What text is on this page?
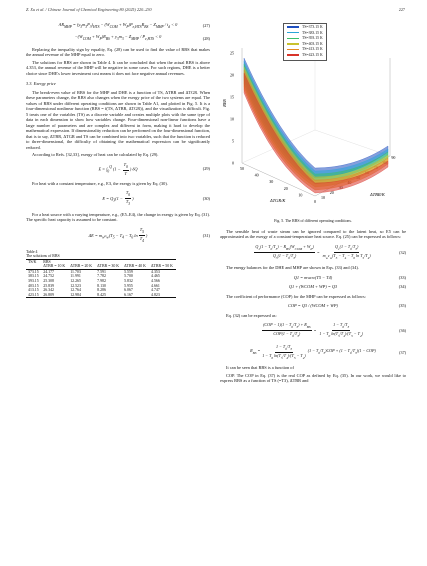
Z. Xu et al. / Chinese Journal of Chemical Engineering 80 (2025) 220–230	227
$AR_{MHP} = (y_3m_3P_3)_{HTS} - (W_{COM} + W_P)P_{e,HTS}R_{BS} - Z_{MHP} / t_d < 0$	(27)
$-(W_{COM} + W_P)R_{BS} + y_3m_3 - Z_{MHP} / P_{e,HTS} < 0$	(28)

Replacing the inequality sign by equality, Eq. (28) can be used to find the value of RBS that makes the annual revenue of the MHP equal to zero.

The solutions for RBS are shown in Table 4. It can be concluded that when the actual RBS is above 4.353, the annual revenue of the MHP will be negative in some cases. For such regions, DHE is a better choice since DHE's lower investment cost means it does not face negative annual revenues.

3.3. Exergy price

The break-even value of RBS for the MHP and DHE is a function of TS, ΔTBR and ΔTGR. When these parameters change, the RBS also changes when the exergy price of the two systems are equal. The values of RBS under different operating conditions are shown in Table A1, and plotted in Fig. 5. It is a four-dimensional nonlinear function (RBS = f(TS, ΔTBR, ΔTGR)), and the visualization is difficult. Fig. 5 treats one of the variables (TS) as a discrete variable and creates multiple plots with the same type of data in each dimension to show how variables change. Four-dimensional non-linear functions have a large number of parameters and are complex and different in form, making it hard to develop the mathematical expression. If dimensionality reduction can be performed on the four-dimensional function, that is to say, ΔTBR, ΔTGR and TS can be combined into two variables, such that the function is reduced to three-dimensional, the difficulty of obtaining the mathematical expression can be significantly reduced.

According to Refs. [32,33], exergy of heat can be calculated by Eq. (29).

$E = \int_0^Q$ ($1 - \frac{T_0}{T}$ ) δQ	(29)

For heat with a constant temperature, e.g., E3, the exergy is given by Eq. (30).

$E = Q_3(1 - \frac{T_0}{T_3}$ )	(30)

For a heat source with a varying temperature, e.g., (E5–E4), the change in exergy is given by Eq. (31). The specific heat capacity is assumed to be constant.

$\Delta E = m_wc_w(T_5 - T_4 - T_0$ $\ln \frac{T_5}{T_4}$ )	(31)
Table 4
The solutions of RBS
TS/K	RBS				
	ΔTBR = 10 K	ΔTBR = 20 K	ΔTBR = 30 K	ΔTBR = 40 K	ΔTBR = 50 K
373.15	24.177	11.703	7.591	5.559	4.353
383.15	24.752	11.991	7.782	5.700	4.465
393.15	25.308	12.265	7.982	5.832	4.566
403.15	25.839	12.523	8.130	5.955	4.661
413.15	26.342	12.764	8.286	6.067	4.747
423.15	26.809	12.984	8.425	6.167	4.823
0
5
10
15
20
25
RBS
50
40
30
20
10
0
ΔTGR/K
10
20
90
ΔTBR/K
TS=373.15 K
TS=383.15 K
TS=393.15 K
TS=403.15 K
TS=413.15 K
TS=423.15 K
Fig. 5. The RBS of different operating conditions.

The sensible heat of waste steam can be ignored compared to the latent heat, so E5 can be approximated as the exergy of a constant-temperature heat source. Eq. (25) can be expressed as follows:

$\frac{Q_1(1 - T_0/T_3) - R_{BS}(W_{COM} + W_P)}{Q_3(1 - T_0/T_3)} = \frac{Q_1(1 - T_0/T_3)}{m_wc_w(T_5 - T_4 - T_0 \ln T_5/T_4)}$	(32)

The energy balances for the DHE and MHP are shown in Eqs. (33) and (34).

Q1 = mwcw(T5 − T4)	(33)
Q1 + (WCOM + WP) = Q3	(34)

The coefficient of performance (COP) for the MHP can be expressed as follows:

COP = Q3 / (WCOM + WP)	(35)

Eq. (32) can be expressed as:

$\frac{(COP - 1)(1 - T_0/T_3) + R_{BS}}{COP(1 - T_0/T_3)} = \frac{1 - T_0/T_3}{1 - T_0 \ln(T_5/T_4)/(T_5 - T_4)}$	(36)
$R_{BS} = \frac{1 - T_0/T_3}{1 - T_0 \ln(T_5/T_4)/(T_5 - T_4)} (1 - T_0/T_3)COP + (1 - T_0/T_3)(1 - COP)$	(37)

It can be seen that RBS is a function of

COP. The COP in Eq. (37) is the real COP as defined by Eq. (35). In our work, we would like to express RBS as a function of TS (=T3), ΔTBR and
